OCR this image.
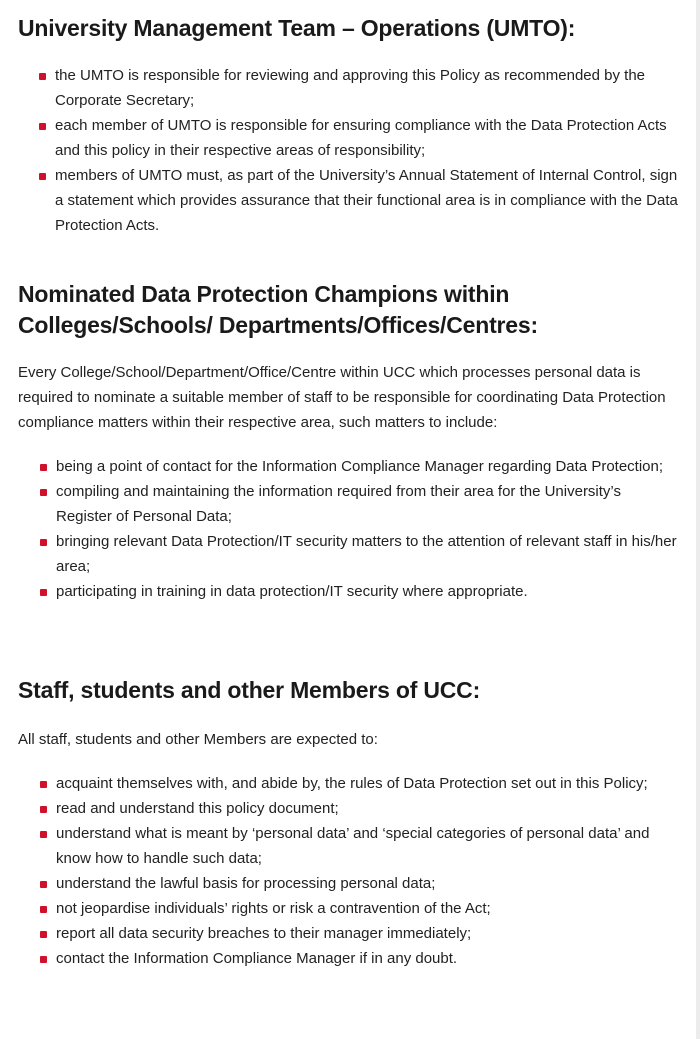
University Management Team – Operations (UMTO):
the UMTO is responsible for reviewing and approving this Policy as recommended by the Corporate Secretary;
each member of UMTO is responsible for ensuring compliance with the Data Protection Acts and this policy in their respective areas of responsibility;
members of UMTO must, as part of the University’s Annual Statement of Internal Control, sign a statement which provides assurance that their functional area is in compliance with the Data Protection Acts.
Nominated Data Protection Champions within Colleges/Schools/ Departments/Offices/Centres:

Every College/School/Department/Office/Centre within UCC which processes personal data is required to nominate a suitable member of staff to be responsible for coordinating Data Protection compliance matters within their respective area, such matters to include:

being a point of contact for the Information Compliance Manager regarding Data Protection;
compiling and maintaining the information required from their area for the University’s Register of Personal Data;
bringing relevant Data Protection/IT security matters to the attention of relevant staff in his/her area;
participating in training in data protection/IT security where appropriate.
Staff, students and other Members of UCC:

All staff, students and other Members are expected to:

acquaint themselves with, and abide by, the rules of Data Protection set out in this Policy;
read and understand this policy document;
understand what is meant by ‘personal data’ and ‘special categories of personal data’ and know how to handle such data;
understand the lawful basis for processing personal data;
not jeopardise individuals’ rights or risk a contravention of the Act;
report all data security breaches to their manager immediately;
contact the Information Compliance Manager if in any doubt.
